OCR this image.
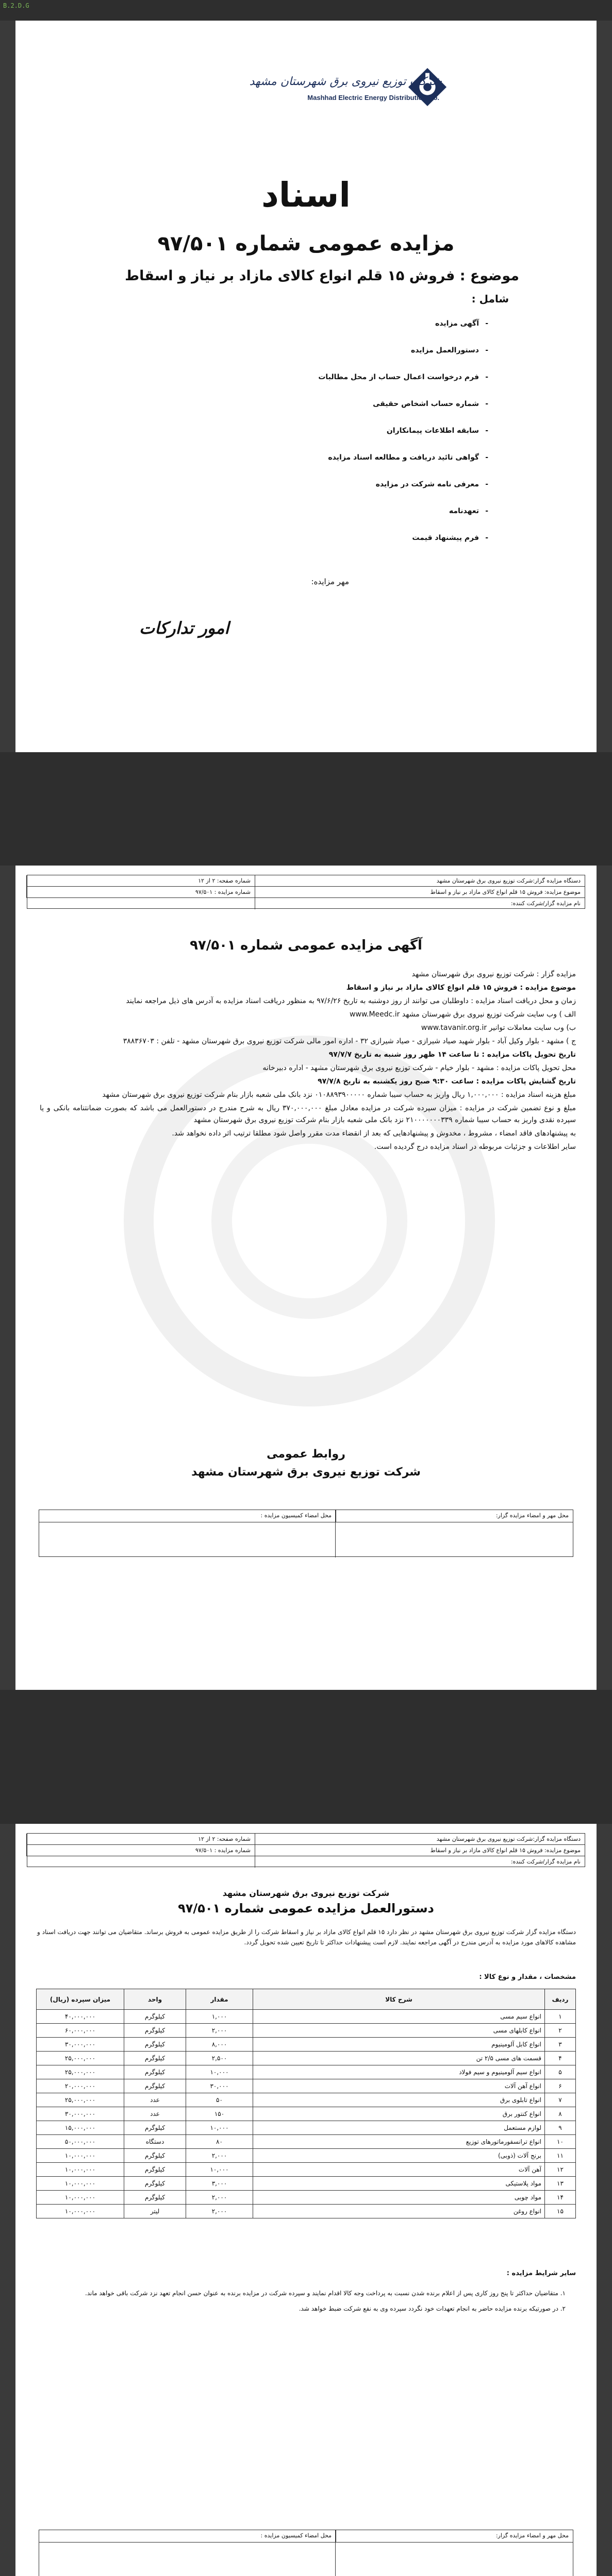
B.2.D.G
شرکت توزیع نیروی برق شهرستان مشهد
Mashhad Electric Energy Distribution Co.
اسناد
مزایده عمومی شماره ۹۷/۵۰۱
موضوع : فروش ۱۵ قلم انواع کالای مازاد بر نیاز و اسقاط
شامل :
- آگهی مزایده
- دستورالعمل مزایده
- فرم درخواست اعمال حساب از محل مطالبات
- شماره حساب اشخاص حقیقی
- سابقه اطلاعات پیمانکاران
- گواهی تائید دریافت و مطالعه اسناد مزایده
- معرفی نامه شرکت در مزایده
- تعهدنامه
- فرم پیشنهاد قیمت
مهر مزایده:
امور تدارکات
دستگاه مزایده گزار:شرکت توزیع نیروی برق شهرستان مشهد
شماره صفحه: ۲ از ۱۲
موضوع مزایده: فروش ۱۵ قلم انواع کالای مازاد بر نیاز و اسقاط
شماره مزایده : ۹۷/۵۰۱
نام مزایده گزار/شرکت کننده:
آگهی مزایده عمومی شماره ۹۷/۵۰۱

مزایده گزار : شرکت توزیع نیروی برق شهرستان مشهد

موضوع مزایده : فروش ۱۵ قلم انواع کالای مازاد بر نیاز و اسقاط

زمان و محل دریافت اسناد مزایده : داوطلبان می توانند از روز دوشنبه به تاریخ ۹۷/۶/۲۶ به منظور دریافت اسناد مزایده به آدرس های ذیل مراجعه نمایند

الف ) وب سایت شرکت توزیع نیروی برق شهرستان مشهد www.Meedc.ir

ب) وب سایت معاملات توانیر www.tavanir.org.ir

ج ) مشهد - بلوار وکیل آباد - بلوار شهید صیاد شیرازی - صیاد شیرازی ۳۲ - اداره امور مالی شرکت توزیع نیروی برق شهرستان مشهد - تلفن : ۳۸۸۳۶۷۰۳

تاریخ تحویل پاکات مزایده : تا ساعت ۱۴ ظهر روز شنبه به تاریخ ۹۷/۷/۷

محل تحویل پاکات مزایده : مشهد - بلوار خیام - شرکت توزیع نیروی برق شهرستان مشهد - اداره دبیرخانه

تاریخ گشایش پاکات مزایده : ساعت ۹:۳۰ صبح روز یکشنبه به تاریخ ۹۷/۷/۸

مبلغ هزینه اسناد مزایده : ۱,۰۰۰,۰۰۰ ریال واریز به حساب سیبا شماره ۰۱۰۸۸۹۳۹۰۰۰۰۰ نزد بانک ملی شعبه بازار بنام شرکت توزیع نیروی برق شهرستان مشهد

مبلغ و نوع تضمین شرکت در مزایده : میزان سپرده شرکت در مزایده معادل مبلغ ۳۷۰,۰۰۰,۰۰۰ ریال به شرح مندرج در دستورالعمل می باشد که بصورت ضمانتنامه بانکی و یا سپرده نقدی واریز به حساب سیبا شماره ۲۱۰۰۰۰۰۰۰۳۳۹ نزد بانک ملی شعبه بازار بنام شرکت توزیع نیروی برق شهرستان مشهد

به پیشنهادهای فاقد امضاء ، مشروط ، مخدوش و پیشنهادهایی که بعد از انقضاء مدت مقرر واصل شود مطلقا ترتیب اثر داده نخواهد شد.

سایر اطلاعات و جزئیات مربوطه در اسناد مزایده درج گردیده است.

روابط عمومی
شرکت توزیع نیروی برق شهرستان مشهد
محل مهر و امضاء مزایده گزار:
محل امضاء کمیسیون مزایده :
دستگاه مزایده گزار:شرکت توزیع نیروی برق شهرستان مشهد
شماره صفحه: ۲ از ۱۲
موضوع مزایده: فروش ۱۵ قلم انواع کالای مازاد بر نیاز و اسقاط
شماره مزایده : ۹۷/۵۰۱
نام مزایده گزار/شرکت کننده:
شرکت توزیع نیروی برق شهرستان مشهد
دستورالعمل مزایده عمومی شماره ۹۷/۵۰۱
دستگاه مزایده گزار شرکت توزیع نیروی برق شهرستان مشهد در نظر دارد ۱۵ قلم انواع کالای مازاد بر نیاز و اسقاط شرکت را از طریق مزایده عمومی به فروش برساند. متقاضیان می توانند جهت دریافت اسناد و مشاهده کالاهای مورد مزایده به آدرس مندرج در آگهی مراجعه نمایند. لازم است پیشنهادات حداکثر تا تاریخ تعیین شده تحویل گردد.
مشخصات ، مقدار و نوع کالا :
ردیف	شرح کالا	مقدار	واحد	میزان سپرده (ریال)
۱	انواع سیم مسی	۱,۰۰۰	کیلوگرم	۴۰,۰۰۰,۰۰۰
۲	انواع کابلهای مسی	۲,۰۰۰	کیلوگرم	۶۰,۰۰۰,۰۰۰
۳	انواع کابل آلومینیوم	۸,۰۰۰	کیلوگرم	۳۰,۰۰۰,۰۰۰
۴	قسمت های مسی ۲/۵ تن	۲,۵۰۰	کیلوگرم	۲۵,۰۰۰,۰۰۰
۵	انواع سیم آلومینیوم و سیم فولاد	۱۰,۰۰۰	کیلوگرم	۲۵,۰۰۰,۰۰۰
۶	انواع آهن آلات	۳۰,۰۰۰	کیلوگرم	۲۰,۰۰۰,۰۰۰
۷	انواع تابلوی برق	۵۰	عدد	۲۵,۰۰۰,۰۰۰
۸	انواع کنتور برق	۱۵۰	عدد	۳۰,۰۰۰,۰۰۰
۹	لوازم مستعمل	۱۰,۰۰۰	کیلوگرم	۱۵,۰۰۰,۰۰۰
۱۰	انواع ترانسفورماتورهای توزیع	۸۰	دستگاه	۵۰,۰۰۰,۰۰۰
۱۱	برنج آلات (ذوبی)	۲,۰۰۰	کیلوگرم	۱۰,۰۰۰,۰۰۰
۱۲	آهن آلات	۱۰,۰۰۰	کیلوگرم	۱۰,۰۰۰,۰۰۰
۱۳	مواد پلاستیکی	۳,۰۰۰	کیلوگرم	۱۰,۰۰۰,۰۰۰
۱۴	مواد چوبی	۲,۰۰۰	کیلوگرم	۱۰,۰۰۰,۰۰۰
۱۵	انواع روغن	۲,۰۰۰	لیتر	۱۰,۰۰۰,۰۰۰
سایر شرایط مزایده :

۱. متقاضیان حداکثر تا پنج روز کاری پس از اعلام برنده شدن نسبت به پرداخت وجه کالا اقدام نمایند و سپرده شرکت در مزایده برنده به عنوان حسن انجام تعهد نزد شرکت باقی خواهد ماند.

۲. در صورتیکه برنده مزایده حاضر به انجام تعهدات خود نگردد سپرده وی به نفع شرکت ضبط خواهد شد.

محل مهر و امضاء مزایده گزار:
محل امضاء کمیسیون مزایده :
